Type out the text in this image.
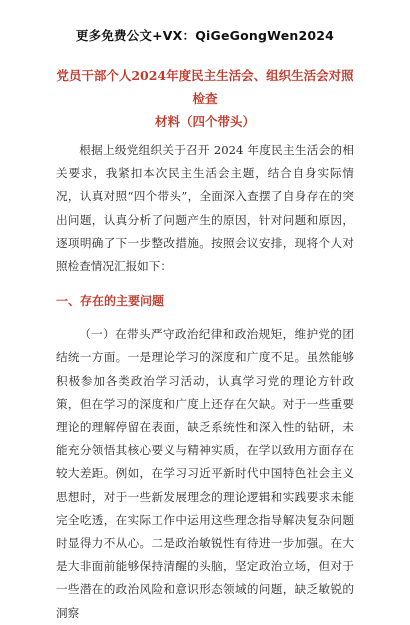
更多免费公文+VX：QiGeGongWen2024
党员干部个人2024年度民主生活会、组织生活会对照检查
材料（四个带头）

根据上级党组织关于召开 2024 年度民主生活会的相关要求，我紧扣本次民主生活会主题，结合自身实际情况，认真对照“四个带头”，全面深入查摆了自身存在的突出问题，认真分析了问题产生的原因，针对问题和原因，逐项明确了下一步整改措施。按照会议安排，现将个人对照检查情况汇报如下：

一、存在的主要问题

（一）在带头严守政治纪律和政治规矩，维护党的团结统一方面。一是理论学习的深度和广度不足。虽然能够积极参加各类政治学习活动，认真学习党的理论方针政策，但在学习的深度和广度上还存在欠缺。对于一些重要理论的理解停留在表面，缺乏系统性和深入性的钻研，未能充分领悟其核心要义与精神实质，在学以致用方面存在较大差距。例如，在学习习近平新时代中国特色社会主义思想时，对于一些新发展理念的理论逻辑和实践要求未能完全吃透，在实际工作中运用这些理念指导解决复杂问题时显得力不从心。二是政治敏锐性有待进一步加强。在大是大非面前能够保持清醒的头脑，坚定政治立场，但对于一些潜在的政治风险和意识形态领域的问题，缺乏敏锐的洞察
